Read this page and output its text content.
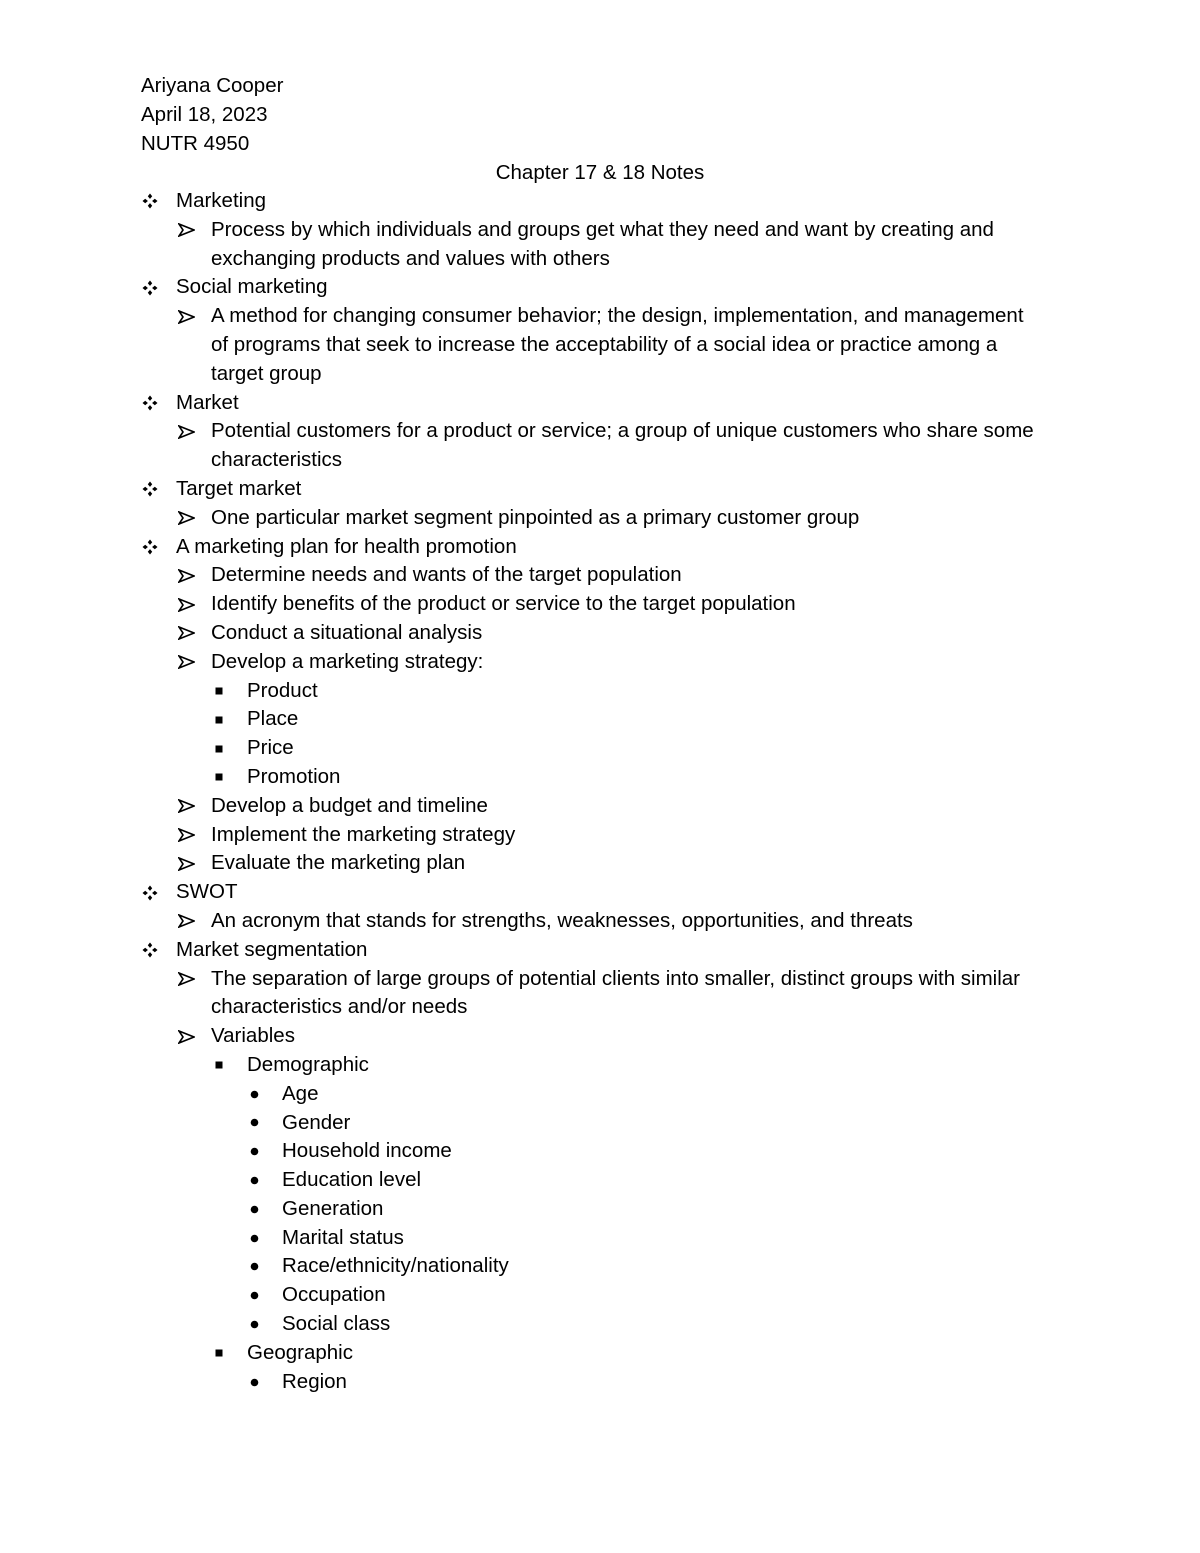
Ariyana Cooper
April 18, 2023
NUTR 4950
Chapter 17 & 18 Notes
Marketing
Process by which individuals and groups get what they need and want by creating and exchanging products and values with others
Social marketing
A method for changing consumer behavior; the design, implementation, and management of programs that seek to increase the acceptability of a social idea or practice among a target group
Market
Potential customers for a product or service; a group of unique customers who share some characteristics
Target market
One particular market segment pinpointed as a primary customer group
A marketing plan for health promotion
Determine needs and wants of the target population
Identify benefits of the product or service to the target population
Conduct a situational analysis
Develop a marketing strategy:
Product
Place
Price
Promotion
Develop a budget and timeline
Implement the marketing strategy
Evaluate the marketing plan
SWOT
An acronym that stands for strengths, weaknesses, opportunities, and threats
Market segmentation
The separation of large groups of potential clients into smaller, distinct groups with similar characteristics and/or needs
Variables
Demographic
Age
Gender
Household income
Education level
Generation
Marital status
Race/ethnicity/nationality
Occupation
Social class
Geographic
Region
